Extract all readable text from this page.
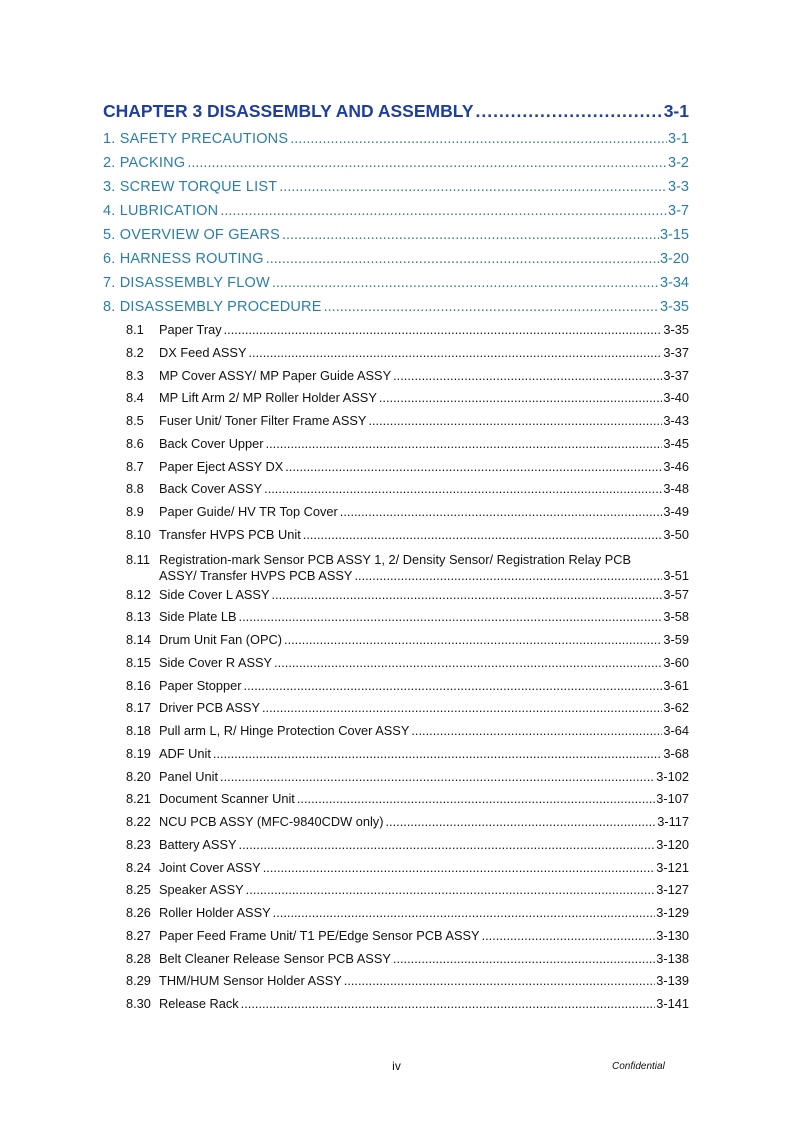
CHAPTER 3 DISASSEMBLY AND ASSEMBLY .....	3-1
1. SAFETY PRECAUTIONS .....	3-1
2. PACKING .....	3-2
3. SCREW TORQUE LIST .....	3-3
4. LUBRICATION .....	3-7
5. OVERVIEW OF GEARS .....	3-15
6. HARNESS ROUTING .....	3-20
7. DISASSEMBLY FLOW .....	3-34
8. DISASSEMBLY PROCEDURE .....	3-35
8.1 Paper Tray .....	3-35
8.2 DX Feed ASSY .....	3-37
8.3 MP Cover ASSY/ MP Paper Guide ASSY .....	3-37
8.4 MP Lift Arm 2/ MP Roller Holder ASSY .....	3-40
8.5 Fuser Unit/ Toner Filter Frame ASSY .....	3-43
8.6 Back Cover Upper .....	3-45
8.7 Paper Eject ASSY DX .....	3-46
8.8 Back Cover ASSY .....	3-48
8.9 Paper Guide/ HV TR Top Cover .....	3-49
8.10 Transfer HVPS PCB Unit .....	3-50
8.11 Registration-mark Sensor PCB ASSY 1, 2/ Density Sensor/ Registration Relay PCB
ASSY/ Transfer HVPS PCB ASSY .....	3-51
8.12 Side Cover L ASSY .....	3-57
8.13 Side Plate LB .....	3-58
8.14 Drum Unit Fan (OPC) .....	3-59
8.15 Side Cover R ASSY .....	3-60
8.16 Paper Stopper .....	3-61
8.17 Driver PCB ASSY .....	3-62
8.18 Pull arm L, R/ Hinge Protection Cover ASSY .....	3-64
8.19 ADF Unit .....	3-68
8.20 Panel Unit .....	3-102
8.21 Document Scanner Unit .....	3-107
8.22 NCU PCB ASSY (MFC-9840CDW only) .....	3-117
8.23 Battery ASSY .....	3-120
8.24 Joint Cover ASSY .....	3-121
8.25 Speaker ASSY .....	3-127
8.26 Roller Holder ASSY .....	3-129
8.27 Paper Feed Frame Unit/ T1 PE/Edge Sensor PCB ASSY .....	3-130
8.28 Belt Cleaner Release Sensor PCB ASSY .....	3-138
8.29 THM/HUM Sensor Holder ASSY .....	3-139
8.30 Release Rack .....	3-141
iv	Confidential
